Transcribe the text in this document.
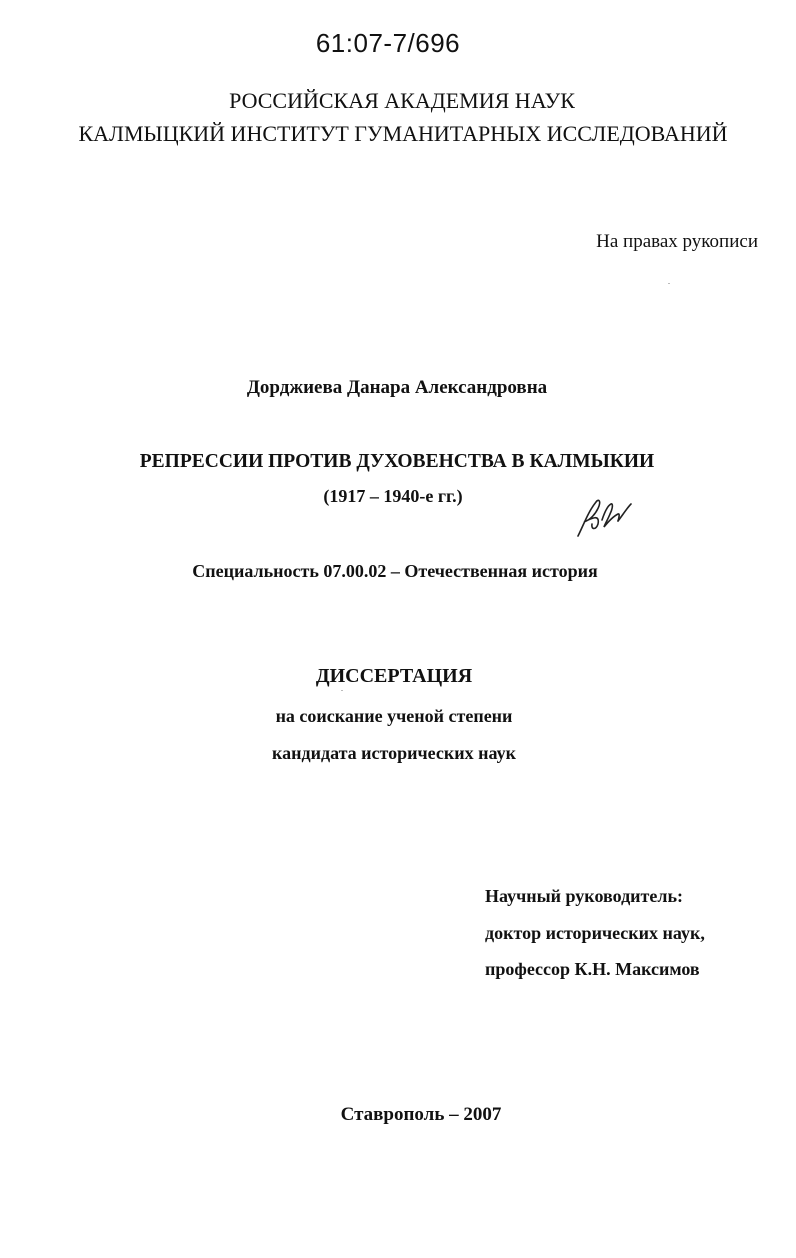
61:07-7/696
РОССИЙСКАЯ АКАДЕМИЯ НАУК
КАЛМЫЦКИЙ ИНСТИТУТ ГУМАНИТАРНЫХ ИССЛЕДОВАНИЙ
На правах рукописи
Дорджиева Данара Александровна
РЕПРЕССИИ ПРОТИВ ДУХОВЕНСТВА В КАЛМЫКИИ
(1917 – 1940-е гг.)
Специальность 07.00.02 – Отечественная история
ДИССЕРТАЦИЯ
на соискание ученой степени
кандидата исторических наук
Научный руководитель:
доктор исторических наук,
профессор К.Н. Максимов
Ставрополь – 2007
